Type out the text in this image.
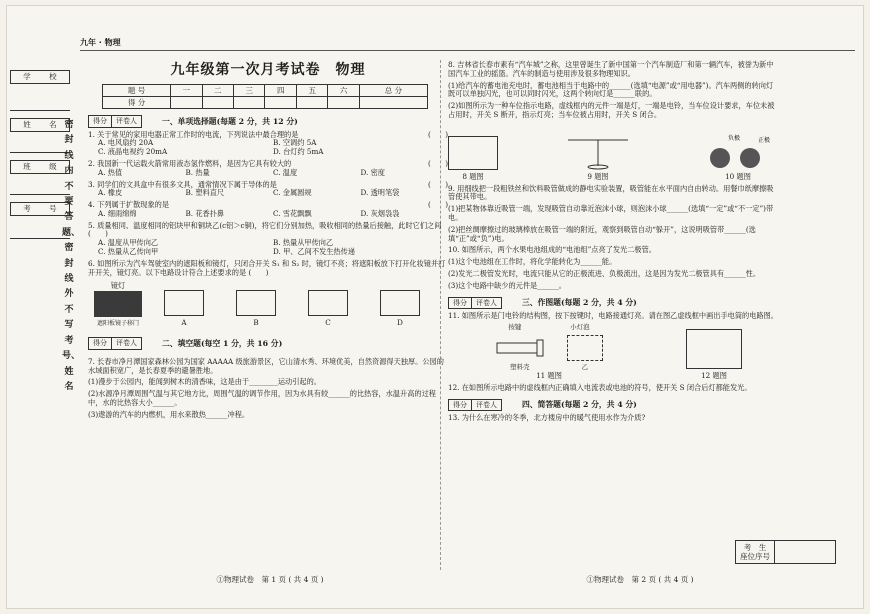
九年 · 物理
学 校
姓 名
班 级
考 号
密封线内不要答题、密封线外不写考号、姓名
九年级第一次月考试卷　物理
题 号	一	二	三	四	五	六	总 分
得 分							
得分	评卷人	一、单项选择题(每题 2 分，共 12 分)
1. 关于常见的家用电器正常工作时的电流，下列说法中最合理的是	(　　)
A. 电风扇约 20A	B. 空调约 5A
C. 液晶电视约 20mA	D. 台灯约 5mA
2. 我国新一代运载火箭常用液态氢作燃料，是因为它具有较大的	(　　)
A. 热值	B. 热量	C. 温度	D. 密度
3. 同学们的文具盒中有很多文具，通常情况下属于导体的是	(　　)
A. 橡皮	B. 塑料直尺	C. 金属圆规	D. 透明笔袋
4. 下列属于扩散现象的是	(　　)
A. 细雨绵绵	B. 花香扑鼻	C. 雪花飘飘	D. 灰烟袅袅
5. 质量相同、温度相同的铝块甲和铜块乙(c铝＞c铜)，将它们分别加热，吸收相同的热量后接触，此时它们之间 (　　)
A. 温度从甲传向乙	B. 热量从甲传向乙
C. 热量从乙传向甲	D. 甲、乙间不发生热传递
6. 如图所示为汽车驾驶室内的遮阳板和镜灯，只闭合开关 S₁ 和 S₂ 时，镜灯不亮；将遮阳板放下打开化妆镜并打开开关，镜灯亮。以下电路设计符合上述要求的是 (　　)
镜灯
遮阳板镜子移门	A	B	C	D
得分	评卷人	二、填空题(每空 1 分，共 16 分)
7. 长春市净月潭国家森林公园为国家 AAAAA 级旅游景区，它山清水秀、环境优美，自然资源得天独厚。公园的水域面积宽广，是长春夏季的避暑胜地。
(1)漫步于公园内，能闻到树木的清香味，这是由于________运动引起的。
(2)水源净月潭周围气温与其它地方比，周围气温的调节作用，因为水具有较______的比热容，水温升高的过程中，水的比热容大小______。
(3)遨游的汽车的内燃机，用水来散热______冲程。
①物理试卷　第 1 页 ( 共 4 页 )
8. 吉林省长春市素有“汽车城”之称，这里曾诞生了新中国第一个汽车制造厂和第一辆汽车，被誉为新中国汽车工业的摇篮。汽车的制造与使用涉及很多物理知识。
(1)给汽车的蓄电池充电时，蓄电池相当于电路中的______(选填“电源”或“用电器”)。汽车两侧的转向灯既可以单独闪光，也可以同时闪光，这两个转向灯是______联的。
(2)如图所示为一种车位指示电路，虚线框内的元件一端是灯，一端是电铃，当车位设计要求，车位未被占用时，开关 S 断开，指示灯亮；当车位被占用时，开关 S 闭合。
8 题图	9 题图
正极
负极
10 题图
9. 用细线把一段粗铁丝和饮料吸管做成的静电实验装置，吸管能在水平面内自由转动。用餐巾纸摩擦吸管使其带电。
(1)把某物体靠近吸管一端，发现吸管自动靠近泡沫小球，则泡沫小球______(选填“一定”或“不一定”)带电。
(2)把丝绸摩擦过的玻璃棒放在吸管一端的附近，观察到吸管自动“躲开”，这说明吸管带______(选填“正”或“负”)电。
10. 如图所示，两个水果电池组成的“电池组”点亮了发光二极管。
(1)这个电池组在工作时，将化学能转化为______能。
(2)发光二极管发光时，电流只能从它的正极流进、负极流出，这是因为发光二极管具有______性。
(3)这个电路中缺少的元件是______。
得分	评卷人	三、作图题(每题 2 分，共 4 分)
11. 如图所示是门电铃的结构图，按下按键时，电路接通灯亮。请在图乙虚线框中画出手电筒的电路图。
按键	小灯泡
塑料壳	乙
11 题图	12 题图
12. 在如图所示电路中的虚线框内正确填入电流表或电池的符号，使开关 S 闭合后灯都能发光。
得分	评卷人	四、简答题(每题 2 分，共 4 分)
13. 为什么在寒冷的冬季，北方楼房中的暖气使用水作为介质?
考　生
座位序号
①物理试卷　第 2 页 ( 共 4 页 )
